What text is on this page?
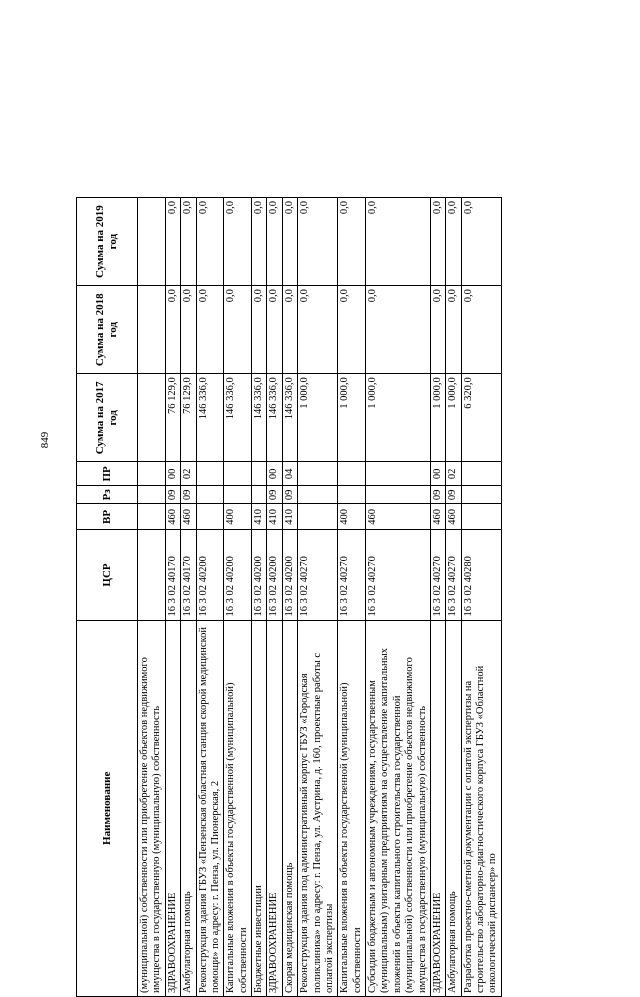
849
Наименование	ЦСР	ВР	Рз	ПР	Сумма на 2017 год	Сумма на 2018 год	Сумма на 2019 год
(муниципальной) собственности или приобретение объектов недвижимого имущества в государственную (муниципальную) собственность							
ЗДРАВООХРАНЕНИЕ	16 3 02 40170	460	09	00	76 129,0	0,0	0,0
Амбулаторная помощь	16 3 02 40170	460	09	02	76 129,0	0,0	0,0
Реконструкция здания ГБУЗ «Пензенская областная станция скорой медицинской помощи» по адресу: г. Пенза, ул. Пионерская, 2	16 3 02 40200				146 336,0	0,0	0,0
Капитальные вложения в объекты государственной (муниципальной) собственности	16 3 02 40200	400			146 336,0	0,0	0,0
Бюджетные инвестиции	16 3 02 40200	410			146 336,0	0,0	0,0
ЗДРАВООХРАНЕНИЕ	16 3 02 40200	410	09	00	146 336,0	0,0	0,0
Скорая медицинская помощь	16 3 02 40200	410	09	04	146 336,0	0,0	0,0
Реконструкция здания под административный корпус ГБУЗ «Городская поликлиника» по адресу: г. Пенза, ул. Аустрина, д. 160, проектные работы с оплатой экспертизы	16 3 02 40270				1 000,0	0,0	0,0
Капитальные вложения в объекты государственной (муниципальной) собственности	16 3 02 40270	400			1 000,0	0,0	0,0
Субсидии бюджетным и автономным учреждениям, государственным (муниципальным) унитарным предприятиям на осуществление капитальных вложений в объекты капитального строительства государственной (муниципальной) собственности или приобретение объектов недвижимого имущества в государственную (муниципальную) собственность	16 3 02 40270	460			1 000,0	0,0	0,0
ЗДРАВООХРАНЕНИЕ	16 3 02 40270	460	09	00	1 000,0	0,0	0,0
Амбулаторная помощь	16 3 02 40270	460	09	02	1 000,0	0,0	0,0
Разработка проектно-сметной документации с оплатой экспертизы на строительство лабораторно-диагностического корпуса ГБУЗ «Областной онкологический диспансер» по	16 3 02 40280				6 320,0	0,0	0,0
